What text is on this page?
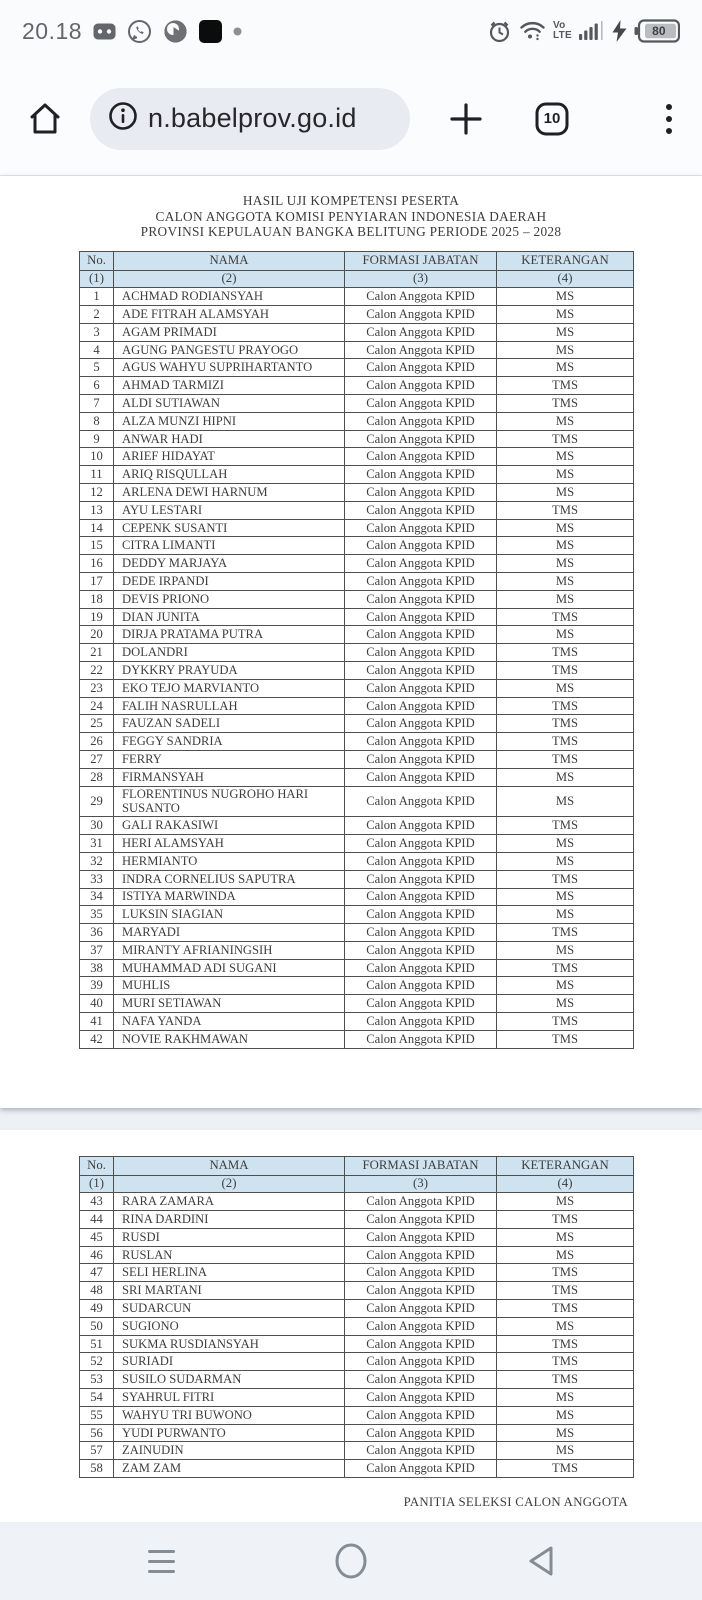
20.18	Vo
LTE	80
n.babelprov.go.id	10
HASIL UJI KOMPETENSI PESERTA
CALON ANGGOTA KOMISI PENYIARAN INDONESIA DAERAH
PROVINSI KEPULAUAN BANGKA BELITUNG PERIODE 2025 – 2028
No.	NAMA	FORMASI JABATAN	KETERANGAN
(1)	(2)	(3)	(4)
1	ACHMAD RODIANSYAH	Calon Anggota KPID	MS
2	ADE FITRAH ALAMSYAH	Calon Anggota KPID	MS
3	AGAM PRIMADI	Calon Anggota KPID	MS
4	AGUNG PANGESTU PRAYOGO	Calon Anggota KPID	MS
5	AGUS WAHYU SUPRIHARTANTO	Calon Anggota KPID	MS
6	AHMAD TARMIZI	Calon Anggota KPID	TMS
7	ALDI SUTIAWAN	Calon Anggota KPID	TMS
8	ALZA MUNZI HIPNI	Calon Anggota KPID	MS
9	ANWAR HADI	Calon Anggota KPID	TMS
10	ARIEF HIDAYAT	Calon Anggota KPID	MS
11	ARIQ RISQULLAH	Calon Anggota KPID	MS
12	ARLENA DEWI HARNUM	Calon Anggota KPID	MS
13	AYU LESTARI	Calon Anggota KPID	TMS
14	CEPENK SUSANTI	Calon Anggota KPID	MS
15	CITRA LIMANTI	Calon Anggota KPID	MS
16	DEDDY MARJAYA	Calon Anggota KPID	MS
17	DEDE IRPANDI	Calon Anggota KPID	MS
18	DEVIS PRIONO	Calon Anggota KPID	MS
19	DIAN JUNITA	Calon Anggota KPID	TMS
20	DIRJA PRATAMA PUTRA	Calon Anggota KPID	MS
21	DOLANDRI	Calon Anggota KPID	TMS
22	DYKKRY PRAYUDA	Calon Anggota KPID	TMS
23	EKO TEJO MARVIANTO	Calon Anggota KPID	MS
24	FALIH NASRULLAH	Calon Anggota KPID	TMS
25	FAUZAN SADELI	Calon Anggota KPID	TMS
26	FEGGY SANDRIA	Calon Anggota KPID	TMS
27	FERRY	Calon Anggota KPID	TMS
28	FIRMANSYAH	Calon Anggota KPID	MS
29	FLORENTINUS NUGROHO HARI SUSANTO	Calon Anggota KPID	MS
30	GALI RAKASIWI	Calon Anggota KPID	TMS
31	HERI ALAMSYAH	Calon Anggota KPID	MS
32	HERMIANTO	Calon Anggota KPID	MS
33	INDRA CORNELIUS SAPUTRA	Calon Anggota KPID	TMS
34	ISTIYA MARWINDA	Calon Anggota KPID	MS
35	LUKSIN SIAGIAN	Calon Anggota KPID	MS
36	MARYADI	Calon Anggota KPID	TMS
37	MIRANTY AFRIANINGSIH	Calon Anggota KPID	MS
38	MUHAMMAD ADI SUGANI	Calon Anggota KPID	TMS
39	MUHLIS	Calon Anggota KPID	MS
40	MURI SETIAWAN	Calon Anggota KPID	MS
41	NAFA YANDA	Calon Anggota KPID	TMS
42	NOVIE RAKHMAWAN	Calon Anggota KPID	TMS
No.	NAMA	FORMASI JABATAN	KETERANGAN
(1)	(2)	(3)	(4)
43	RARA ZAMARA	Calon Anggota KPID	MS
44	RINA DARDINI	Calon Anggota KPID	TMS
45	RUSDI	Calon Anggota KPID	MS
46	RUSLAN	Calon Anggota KPID	MS
47	SELI HERLINA	Calon Anggota KPID	TMS
48	SRI MARTANI	Calon Anggota KPID	TMS
49	SUDARCUN	Calon Anggota KPID	TMS
50	SUGIONO	Calon Anggota KPID	MS
51	SUKMA RUSDIANSYAH	Calon Anggota KPID	TMS
52	SURIADI	Calon Anggota KPID	TMS
53	SUSILO SUDARMAN	Calon Anggota KPID	TMS
54	SYAHRUL FITRI	Calon Anggota KPID	MS
55	WAHYU TRI BUWONO	Calon Anggota KPID	MS
56	YUDI PURWANTO	Calon Anggota KPID	MS
57	ZAINUDIN	Calon Anggota KPID	MS
58	ZAM ZAM	Calon Anggota KPID	TMS
PANITIA SELEKSI CALON ANGGOTA
